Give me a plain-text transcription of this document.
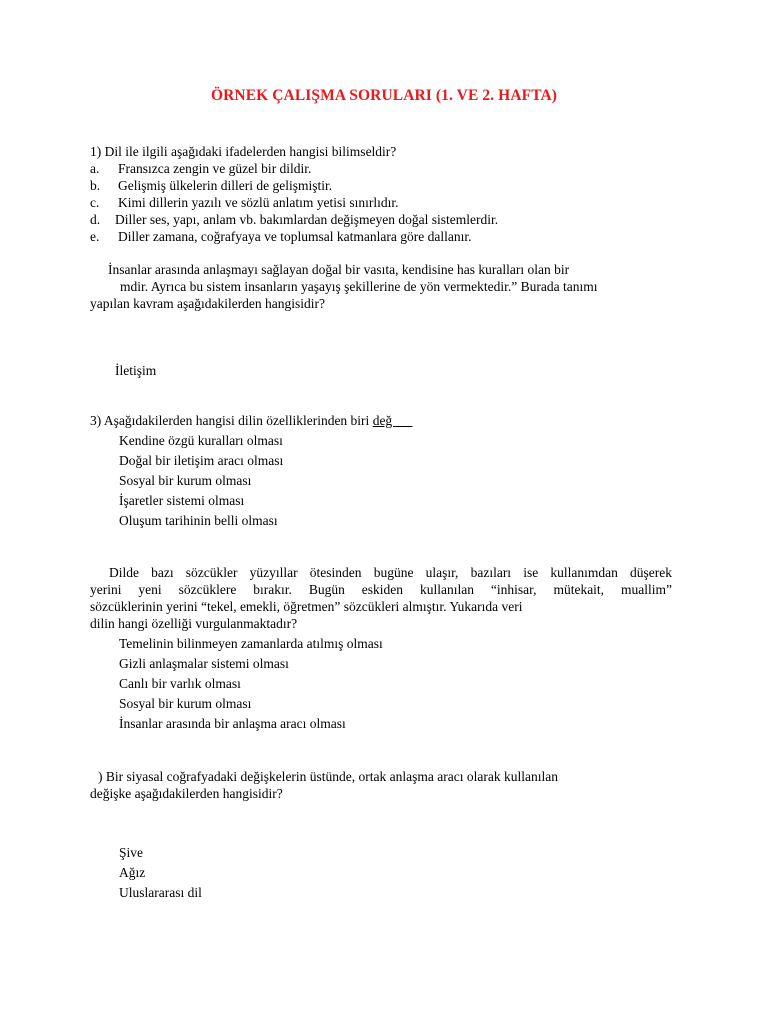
ÖRNEK ÇALIŞMA SORULARI (1. VE 2. HAFTA)
1) Dil ile ilgili aşağıdaki ifadelerden hangisi bilimseldir?
a. Fransızca zengin ve güzel bir dildir.
b. Gelişmiş ülkelerin dilleri de gelişmiştir.
c. Kimi dillerin yazılı ve sözlü anlatım yetisi sınırlıdır.
d. Diller ses, yapı, anlam vb. bakımlardan değişmeyen doğal sistemlerdir.
e. Diller zamana, coğrafyaya ve toplumsal katmanlara göre dallanır.
İnsanlar arasında anlaşmayı sağlayan doğal bir vasıta, kendisine has kuralları olan bir
mdir. Ayrıca bu sistem insanların yaşayış şekillerine de yön vermektedir.” Burada tanımı
yapılan kavram aşağıdakilerden hangisidir?
İletişim
3) Aşağıdakilerden hangisi dilin özelliklerinden biri değ
Kendine özgü kuralları olması
Doğal bir iletişim aracı olması
Sosyal bir kurum olması
İşaretler sistemi olması
Oluşum tarihinin belli olması
Dilde bazı sözcükler yüzyıllar ötesinden bugüne ulaşır, bazıları ise kullanımdan düşerek
yerini yeni sözcüklere bırakır. Bugün eskiden kullanılan “inhisar, mütekait, muallim”
sözcüklerinin yerini “tekel, emekli, öğretmen” sözcükleri almıştır. Yukarıda veri
dilin hangi özelliği vurgulanmaktadır?
Temelinin bilinmeyen zamanlarda atılmış olması
Gizli anlaşmalar sistemi olması
Canlı bir varlık olması
Sosyal bir kurum olması
İnsanlar arasında bir anlaşma aracı olması
) Bir siyasal coğrafyadaki değişkelerin üstünde, ortak anlaşma aracı olarak kullanılan
değişke aşağıdakilerden hangisidir?
Şive
Ağız
Uluslararası dil
